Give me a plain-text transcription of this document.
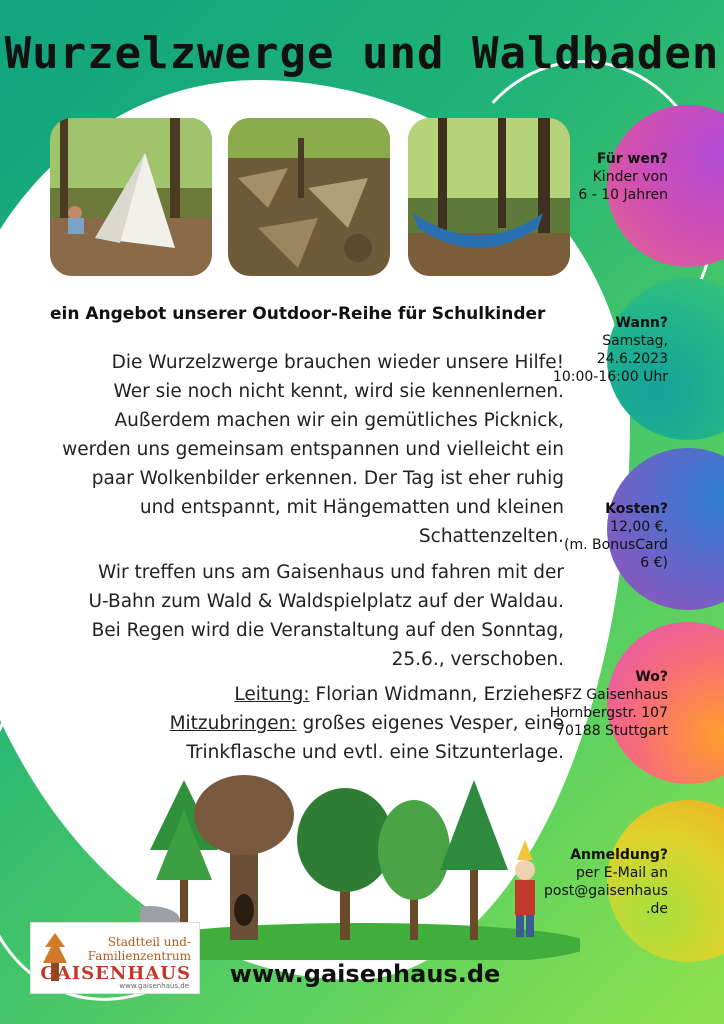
Wurzelzwerge und Waldbaden
ein Angebot unserer Outdoor-Reihe für Schulkinder
Die Wurzelzwerge brauchen wieder unsere Hilfe!
Wer sie noch nicht kennt, wird sie kennenlernen.
Außerdem machen wir ein gemütliches Picknick,
werden uns gemeinsam entspannen und vielleicht ein
paar Wolkenbilder erkennen. Der Tag ist eher ruhig
und entspannt, mit Hängematten und kleinen
Schattenzelten.
Wir treffen uns am Gaisenhaus und fahren mit der
U-Bahn zum Wald & Waldspielplatz auf der Waldau.
Bei Regen wird die Veranstaltung auf den Sonntag,
25.6., verschoben.
Leitung: Florian Widmann, Erzieher.
Mitzubringen: großes eigenes Vesper, eine
Trinkflasche und evtl. eine Sitzunterlage.
Für wen?
Kinder von
6 - 10 Jahren
Wann?
Samstag,
24.6.2023
10:00-16:00 Uhr
Kosten?
12,00 €,
(m. BonusCard
6 €)
Wo?
SFZ Gaisenhaus
Hornbergstr. 107
70188 Stuttgart
Anmeldung?
per E-Mail an
post@gaisenhaus
.de
Stadtteil und-
Familienzentrum
GAISENHAUS
www.gaisenhaus.de	www.gaisenhaus.de
